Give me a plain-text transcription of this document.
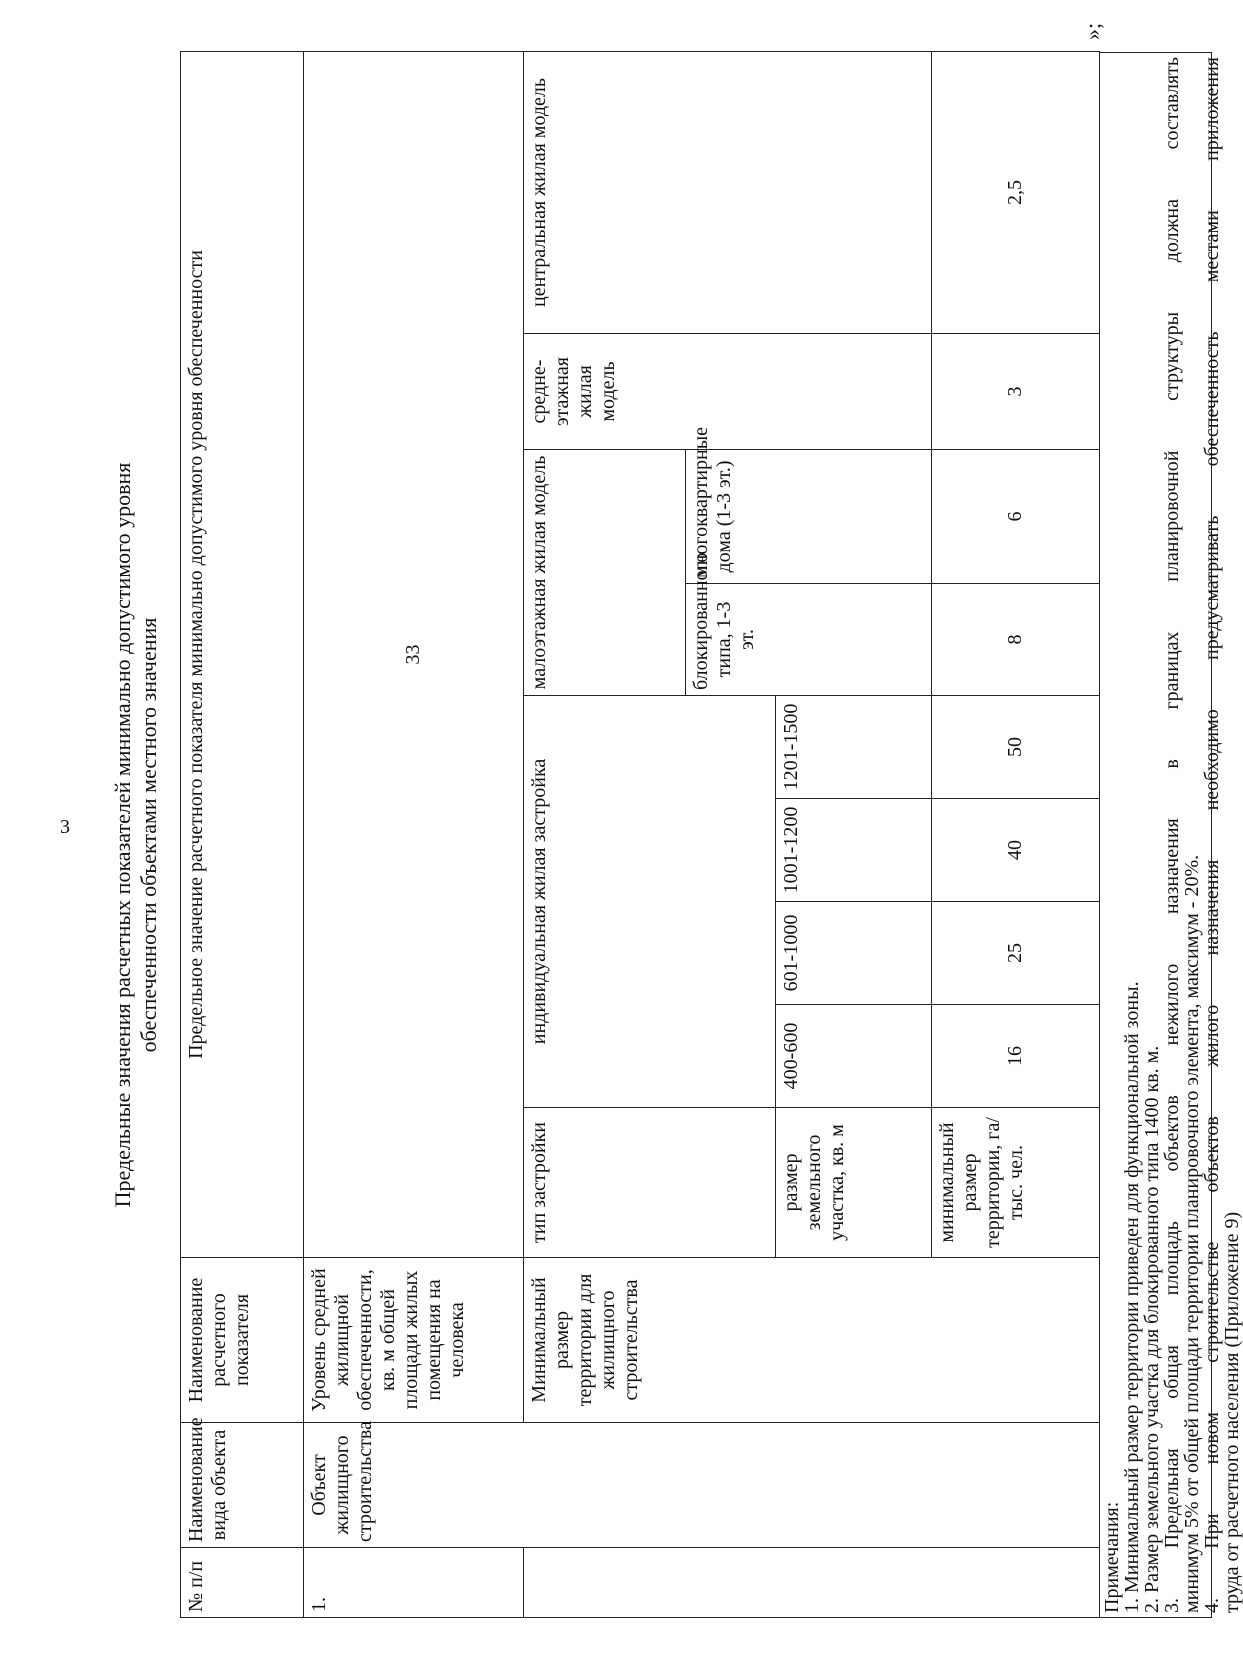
3 Предельные значения расчетных показателей минимально допустимого уровня обеспеченности объектами местного значения
№ п/п	Наименование вида объекта	Наименование расчетного показателя	Предельное значение расчетного показателя минимально допустимого уровня обеспеченности								
1.	Объект жилищного строительства	Уровень средней жилищной обеспеченности, кв. м общей площади жилых помещения на человека	33								
		Минимальный размер территории для жилищного строительства	тип застройки	индивидуальная жилая застройка				малоэтажная жилая модель		средне-этажная жилая модель	центральная жилая модель
								блокированного типа, 1-3 эт.	многоквартирные дома (1-3 эт.)		
			размер земельного участка, кв. м	400-600	601-1000	1001-1200	1201-1500				
			минимальный размер территории, га/тыс. чел.	16	25	40	50	8	6	3	2,5
Примечания:
1. Минимальный размер территории приведен для функциональной зоны.
2. Размер земельного участка для блокированного типа 1400 кв. м.
3. Предельная общая площадь объектов нежилого назначения в границах планировочной структуры должна составлять
минимум 5% от общей площади территории планировочного элемента, максимум - 20%.
4. При новом строительстве объектов жилого назначения необходимо предусматривать обеспеченность местами приложения
труда от расчетного населения (Приложение 9)
»;
